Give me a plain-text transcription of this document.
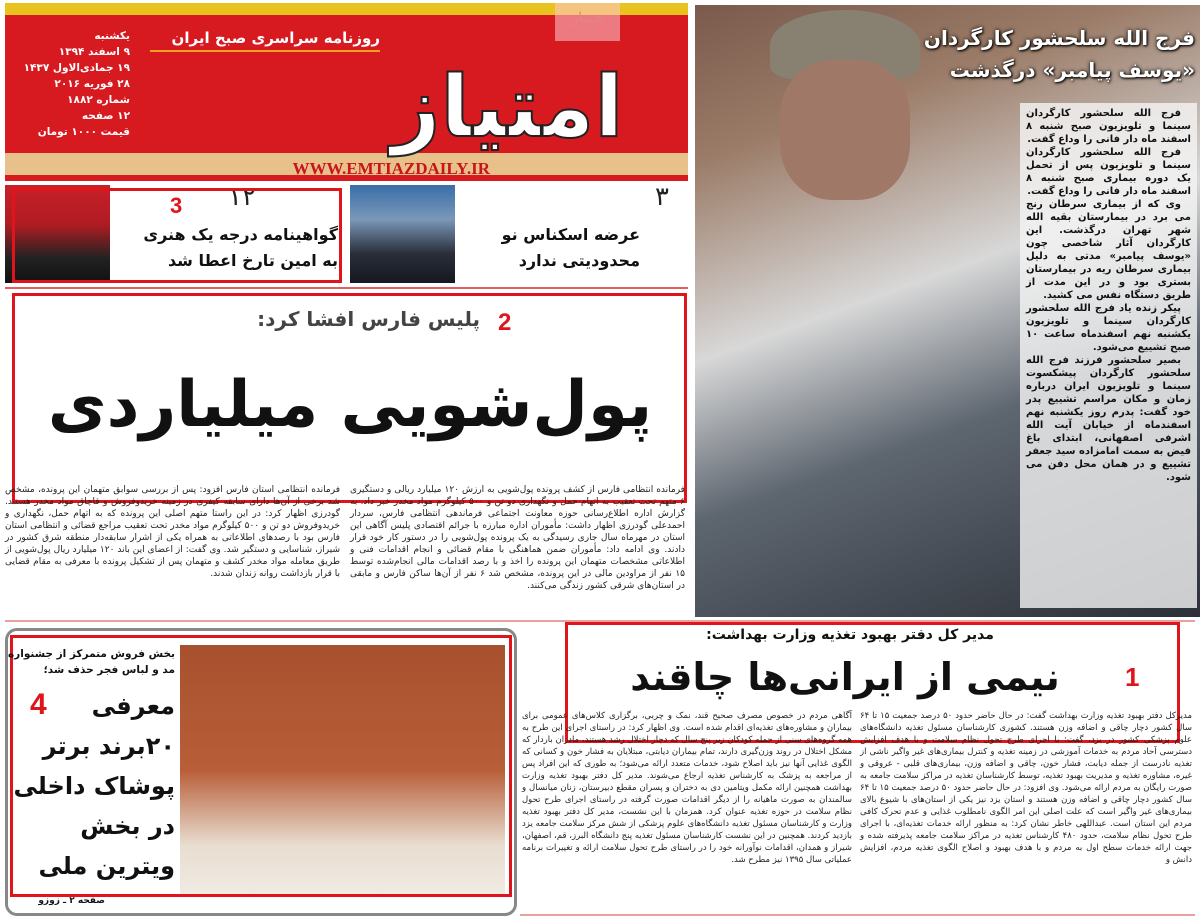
امتیاز
روزنامه سراسری صبح ایران
یکشنبه
۹ اسفند ۱۳۹۴
۱۹ جمادی‌الاول ۱۴۳۷
۲۸ فوریه ۲۰۱۶
شماره ۱۸۸۲
۱۲ صفحه
قیمت ۱۰۰۰ تومان
WWW.EMTIAZDAILY.IR
جـــار
۱۲	۳
3
گواهینامه درجه یک هنری
به امین تارخ اعطا شد
عرضه اسکناس نو
محدودیتی ندارد
پلیس فارس افشا کرد: 2
پول‌شویی میلیاردی
فرمانده انتظامی فارس از کشف پرونده پول‌شویی به ارزش ۱۲۰ میلیارد ریالی و دستگیری ۶ متهم تحت تعقیب به اتهام حمل و نگهداری دو تن و ۵۰۰ کیلوگرم مواد مخدر خبر داد. به گزارش اداره اطلاع‌رسانی حوزه معاونت اجتماعی فرماندهی انتظامی فارس، سردار احمدعلی گودرزی اظهار داشت: مأموران اداره مبارزه با جرائم اقتصادی پلیس آگاهی این استان در مهرماه سال جاری رسیدگی به یک پرونده پول‌شویی را در دستور کار خود قرار دادند. وی ادامه داد: مأموران ضمن هماهنگی با مقام قضائی و انجام اقدامات فنی و اطلاعاتی مشخصات متهمان این پرونده را اخذ و با رصد اقدامات مالی انجام‌شده توسط ۱۵ نفر از مراودین مالی در این پرونده، مشخص شد ۶ نفر از آن‌ها ساکن فارس و مابقی در استان‌های شرقی کشور زندگی می‌کنند.
فرمانده انتظامی استان فارس افزود: پس از بررسی سوابق متهمان این پرونده، مشخص شد برخی از آن‌ها دارای سابقه کیفری در زمینه خریدوفروش و قاچاق مواد مخدر هستند. گودرزی اظهار کرد: در این راستا متهم اصلی این پرونده که به اتهام حمل، نگهداری و خریدوفروش دو تن و ۵۰۰ کیلوگرم مواد مخدر تحت تعقیب مراجع قضائی و انتظامی استان فارس بود با رصدهای اطلاعاتی به همراه یکی از اشرار سابقه‌دار منطقه شرق کشور در شیراز، شناسایی و دستگیر شد. وی گفت: از اعضای این باند ۱۲۰ میلیارد ریال پول‌شویی از طریق معامله مواد مخدر کشف و متهمان پس از تشکیل پرونده با معرفی به مقام قضایی با قرار بازداشت روانه زندان شدند.
فرج الله سلحشور کارگردان
«یوسف پیامبر» درگذشت

فرج الله سلحشور کارگردان سینما و تلویزیون صبح شنبه ۸ اسفند ماه دار فانی را وداع گفت.

فرج الله سلحشور کارگردان سینما و تلویزیون پس از تحمل یک دوره بیماری صبح شنبه ۸ اسفند ماه دار فانی را وداع گفت.

وی که از بیماری سرطان رنج می برد در بیمارستان بقیه الله شهر تهران درگذشت. این کارگردان آثار شاخصی چون «یوسف پیامبر» مدتی به دلیل بیماری سرطان ریه در بیمارستان بستری بود و در این مدت از طریق دستگاه نفس می کشید.

پیکر زنده یاد فرج الله سلحشور کارگردان سینما و تلویزیون یکشنبه نهم اسفندماه ساعت ۱۰ صبح تشییع می‌شود.

بصیر سلحشور فرزند فرج الله سلحشور کارگردان پیشکسوت سینما و تلویزیون ایران درباره زمان و مکان مراسم تشییع پدر خود گفت: پدرم روز یکشنبه نهم اسفندماه از خیابان آیت الله اشرفی اصفهانی، ابتدای باغ فیض به سمت امامزاده سید جعفر تشییع و در همان محل دفن می شود.

بخش فروش متمرکز از جشنواره
مد و لباس فجر حذف شد؛
4	معرفی
۲۰برند برتر
پوشاک داخلی
در بخش
ویترین ملی
صفحه ۲ ـ زوزو
مدیر کل دفتر بهبود تغذیه وزارت بهداشت:
نیمی از ایرانی‌ها چاقند	1
مدیرکل دفتر بهبود تغذیه وزارت بهداشت گفت: در حال حاضر حدود ۵۰ درصد جمعیت ۱۵ تا ۶۴ سال کشور دچار چاقی و اضافه وزن هستند. کشوری کارشناسان مسئول تغذیه دانشگاه‌های علوم پزشکی کشور در یزد، گفت: با اجرای طرح تحول نظام سلامت و با هدف افزایش دسترسی آحاد مردم به خدمات آموزشی در زمینه تغذیه و کنترل بیماری‌های غیر واگیر ناشی از تغذیه نادرست از جمله دیابت، فشار خون، چاقی و اضافه وزن، بیماری‌های قلبی - عروقی و غیره، مشاوره تغذیه و مدیریت بهبود تغذیه، توسط کارشناسان تغذیه در مراکز سلامت جامعه به صورت رایگان به مردم ارائه می‌شود. وی افزود: در حال حاضر حدود ۵۰ درصد جمعیت ۱۵ تا ۶۴ سال کشور دچار چاقی و اضافه وزن هستند و استان یزد نیز یکی از استان‌های با شیوع بالای بیماری‌های غیر واگیر است که علت اصلی این امر الگوی نامطلوب غذایی و عدم تحرک کافی مردم این استان است. عبداللهی خاطر نشان کرد: به منظور ارائه خدمات تغذیه‌ای، با اجرای طرح تحول نظام سلامت، حدود ۴۸۰ کارشناس تغذیه در مراکز سلامت جامعه پذیرفته شده و جهت ارائه خدمات سطح اول به مردم و با هدف بهبود و اصلاح الگوی تغذیه مردم، افزایش دانش و
آگاهی مردم در خصوص مصرف صحیح قند، نمک و چربی، برگزاری کلاس‌های عمومی برای بیماران و مشاوره‌های تغذیه‌ای اقدام شده است. وی اظهار کرد: در راستای اجرای این طرح به همه گروه‌های سنی از جمله کودکان زیر پنج سال که دچار اختلال رشد هستند، مادران باردار که مشکل اختلال در روند وزن‌گیری دارند، تمام بیماران دیابتی، مبتلایان به فشار خون و کسانی که الگوی غذایی آنها نیز باید اصلاح شود، خدمات متعدد ارائه می‌شود؛ به طوری که این افراد پس از مراجعه به پزشک به کارشناس تغذیه ارجاع می‌شوند. مدیر کل دفتر بهبود تغذیه وزارت بهداشت همچنین ارائه مکمل ویتامین دی به دختران و پسران مقطع دبیرستان، زنان میانسال و سالمندان به صورت ماهیانه را از دیگر اقدامات صورت گرفته در راستای اجرای طرح تحول نظام سلامت در حوزه تغذیه عنوان کرد. همزمان با این نشست، مدیر کل دفتر بهبود تغذیه وزارت و کارشناسان مسئول تغذیه دانشگاه‌های علوم پزشکی از شش مرکز سلامت جامعه یزد بازدید کردند. همچنین در این نشست کارشناسان مسئول تغذیه پنج دانشگاه البرز، قم، اصفهان، شیراز و همدان، اقدامات نوآورانه خود را در راستای طرح تحول سلامت ارائه و تغییرات برنامه عملیاتی سال ۱۳۹۵ نیز مطرح شد.
